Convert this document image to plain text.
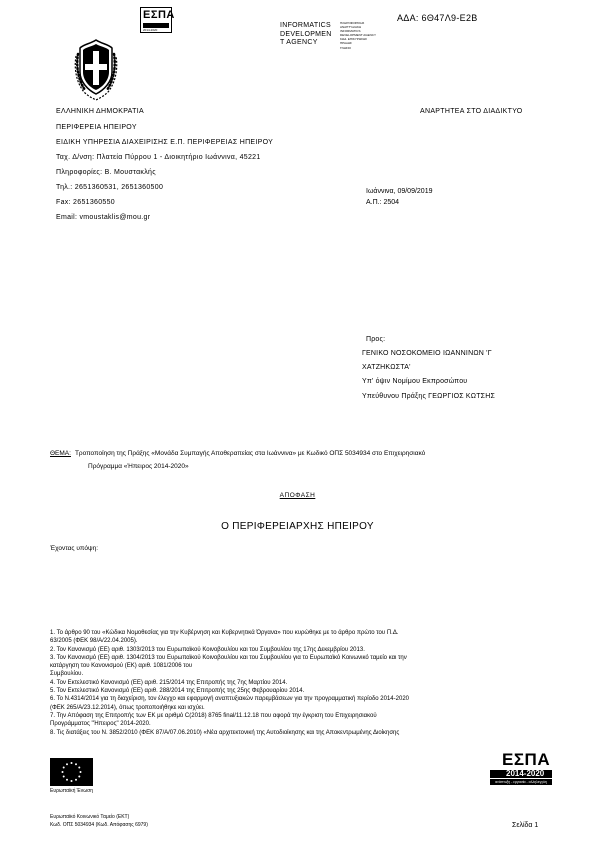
ΕΣΠΑ
2014-2020
INFORMATICS
DEVELOPMEN
T AGENCY
ΠΛΗΡΟΦΟΡΙΚΗΣ
ΑΝΑΠΤΥΞΙΑΚΗ
INFORMATICS
DEVELOPMENT AGENCY
ΚΩΔ. ΕΠΙΚΥΡΩΣΗΣ
ΠΡΑΞΗΣ
ΓΝΗΣΙΟ
ΑΔΑ: 6Θ47Λ9-Ε2Β
ΕΛΛΗΝΙΚΗ ΔΗΜΟΚΡΑΤΙΑ
ΠΕΡΙΦΕΡΕΙΑ ΗΠΕΙΡΟΥ
ΕΙΔΙΚΗ ΥΠΗΡΕΣΙΑ ΔΙΑΧΕΙΡΙΣΗΣ Ε.Π. ΠΕΡΙΦΕΡΕΙΑΣ ΗΠΕΙΡΟΥ
Ταχ. Δ/νση: Πλατεία Πύρρου 1 - Διοικητήριο Ιωάννινα, 45221
Πληροφορίες: Β. Μουστακλής
Τηλ.: 2651360531, 2651360500
Fax: 2651360550
Email: vmoustaklis@mou.gr
ΑΝΑΡΤΗΤΕΑ ΣΤΟ ΔΙΑΔΙΚΤΥΟ
Ιωάννινα, 09/09/2019
Α.Π.: 2504
Προς:
ΓΕΝΙΚΟ ΝΟΣΟΚΟΜΕΙΟ ΙΩΑΝΝΙΝΩΝ 'Γ
ΧΑΤΖΗΚΩΣΤΑ'
Υπ' όψιν Νομίμου Εκπροσώπου
Υπεύθυνου Πράξης ΓΕΩΡΓΙΟΣ ΚΩΤΣΗΣ
ΘΕΜΑ: Τροποποίηση της Πράξης «Μονάδα Συμπαγής Αποθεραπείας στα Ιωάννινα» με Κωδικό ΟΠΣ 5034934 στο Επιχειρησιακό
Πρόγραμμα «Ήπειρος 2014-2020»
ΑΠΟΦΑΣΗ
Ο ΠΕΡΙΦΕΡΕΙΑΡΧΗΣ ΗΠΕΙΡΟΥ
Έχοντας υπόψη:
1. Το άρθρο 90 του «Κώδικα Νομοθεσίας για την Κυβέρνηση και Κυβερνητικά Όργανα» που κυρώθηκε με το άρθρο πρώτο του Π.Δ.
63/2005 (ΦΕΚ 98/Α/22.04.2005).
2. Τον Κανονισμό (ΕΕ) αριθ. 1303/2013 του Ευρωπαϊκού Κοινοβουλίου και του Συμβουλίου της 17ης Δεκεμβρίου 2013.
3. Τον Κανονισμό (ΕΕ) αριθ. 1304/2013 του Ευρωπαϊκού Κοινοβουλίου και του Συμβουλίου για το Ευρωπαϊκό Κοινωνικό ταμείο και την
κατάργηση του Κανονισμού (ΕΚ) αριθ. 1081/2006 του
Συμβουλίου.
4. Τον Εκτελεστικό Κανονισμό (ΕΕ) αριθ. 215/2014 της Επιτροπής της 7ης Μαρτίου 2014.
5. Τον Εκτελεστικό Κανονισμό (ΕΕ) αριθ. 288/2014 της Επιτροπής της 25ης Φεβρουαρίου 2014.
6. Το Ν.4314/2014 για τη διαχείριση, τον έλεγχο και εφαρμογή αναπτυξιακών παρεμβάσεων για την προγραμματική περίοδο 2014-2020
(ΦΕΚ 265/Α/23.12.2014), όπως τροποποιήθηκε και ισχύει.
7. Την Απόφαση της Επιτροπής των ΕΚ με αριθμό C(2018) 8765 final/11.12.18 που αφορά την έγκριση του Επιχειρησιακού
Προγράμματος "Ήπειρος" 2014-2020.
8. Τις διατάξεις του Ν. 3852/2010 (ΦΕΚ 87/Α/07.06.2010) «Νέα αρχιτεκτονική της Αυτοδιοίκησης και της Αποκεντρωμένης Διοίκησης
Ευρωπαϊκή Ένωση
ΕΣΠΑ
2014-2020
ανάπτυξη - εργασία - αλληλεγγύη
Ευρωπαϊκό Κοινωνικό Ταμείο (ΕΚΤ)
Κωδ. ΟΠΣ 5034934 (Κωδ. Απόφασης 6979)	Σελίδα 1
